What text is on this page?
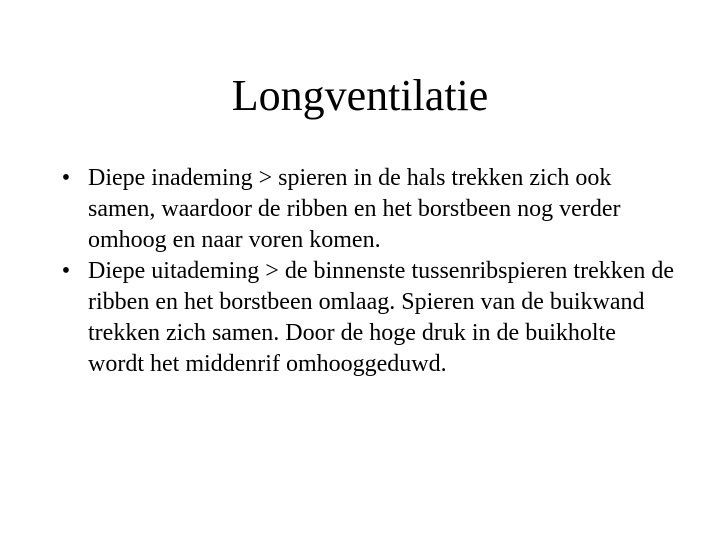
Longventilatie
• Diepe inademing > spieren in de hals trekken zich ook samen, waardoor de ribben en het borstbeen nog verder omhoog en naar voren komen.
• Diepe uitademing > de binnenste tussenribspieren trekken de ribben en het borstbeen omlaag. Spieren van de buikwand trekken zich samen. Door de hoge druk in de buikholte wordt het middenrif omhooggeduwd.
